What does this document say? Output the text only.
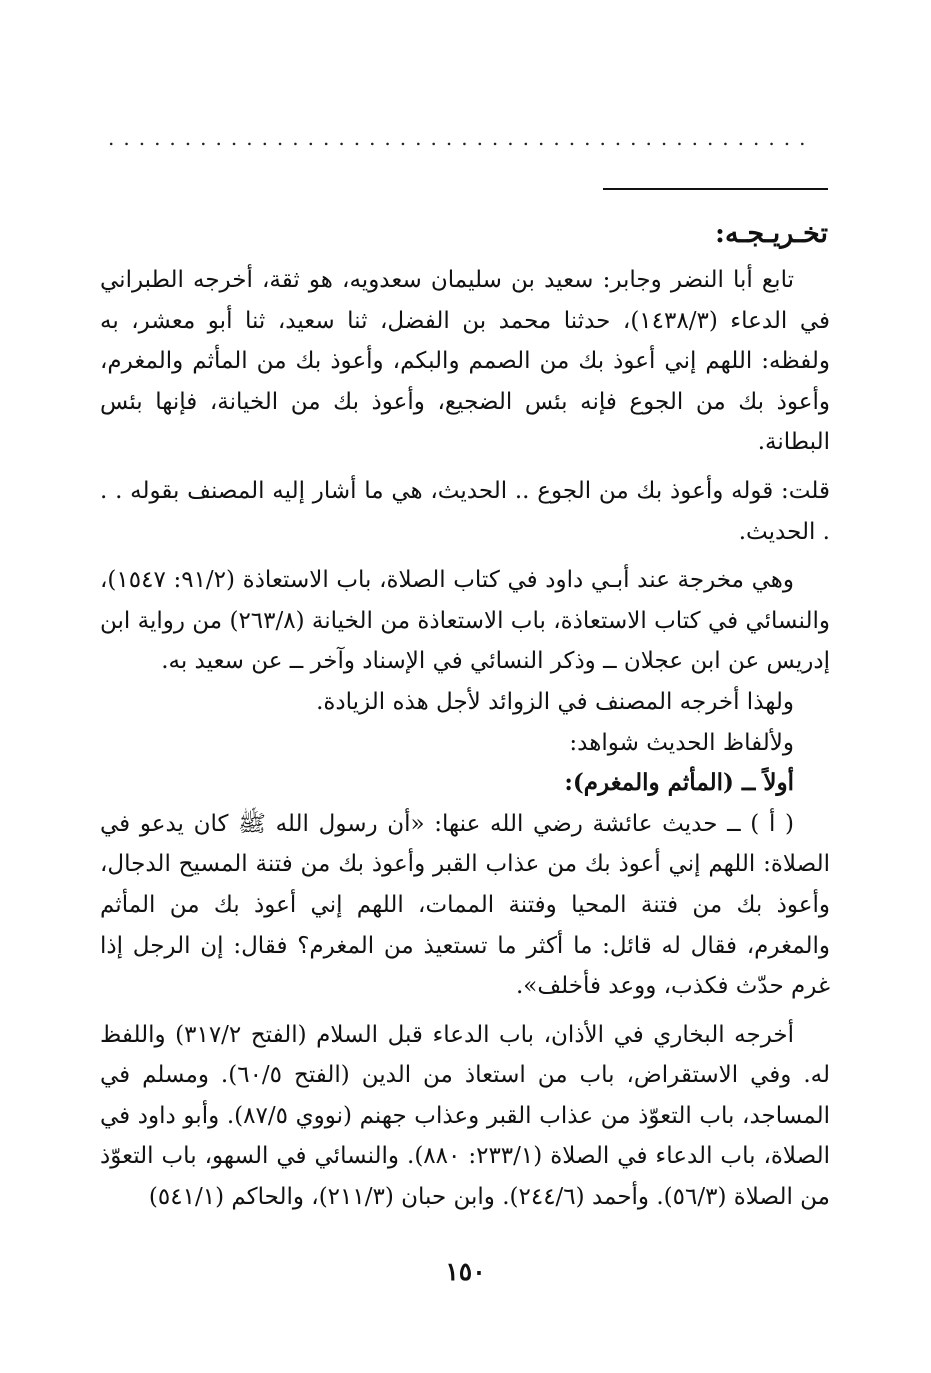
..............................................
تخـريـجـه:

تابع أبا النضر وجابر: سعيد بن سليمان سعدويه، هو ثقة، أخرجه الطبراني في الدعاء (١٤٣٨/٣)، حدثنا محمد بن الفضل، ثنا سعيد، ثنا أبو معشر، به ولفظه: اللهم إني أعوذ بك من الصمم والبكم، وأعوذ بك من المأثم والمغرم، وأعوذ بك من الجوع فإنه بئس الضجيع، وأعوذ بك من الخيانة، فإنها بئس البطانة.

قلت: قوله وأعوذ بك من الجوع .. الحديث، هي ما أشار إليه المصنف بقوله . . . الحديث.

وهي مخرجة عند أبـي داود في كتاب الصلاة، باب الاستعاذة (٩١/٢: ١٥٤٧)، والنسائي في كتاب الاستعاذة، باب الاستعاذة من الخيانة (٢٦٣/٨) من رواية ابن إدريس عن ابن عجلان ــ وذكر النسائي في الإسناد وآخر ــ عن سعيد به.

ولهذا أخرجه المصنف في الزوائد لأجل هذه الزيادة.

ولألفاظ الحديث شواهد:

أولاً ــ (المأثم والمغرم):

( أ ) ــ حديث عائشة رضي الله عنها: «أن رسول الله ﷺ كان يدعو في الصلاة: اللهم إني أعوذ بك من عذاب القبر وأعوذ بك من فتنة المسيح الدجال، وأعوذ بك من فتنة المحيا وفتنة الممات، اللهم إني أعوذ بك من المأثم والمغرم، فقال له قائل: ما أكثر ما تستعيذ من المغرم؟ فقال: إن الرجل إذا غرم حدّث فكذب، ووعد فأخلف».

أخرجه البخاري في الأذان، باب الدعاء قبل السلام (الفتح ٣١٧/٢) واللفظ له. وفي الاستقراض، باب من استعاذ من الدين (الفتح ٦٠/٥). ومسلم في المساجد، باب التعوّذ من عذاب القبر وعذاب جهنم (نووي ٨٧/٥). وأبو داود في الصلاة، باب الدعاء في الصلاة (٢٣٣/١: ٨٨٠). والنسائي في السهو، باب التعوّذ من الصلاة (٥٦/٣). وأحمد (٢٤٤/٦). وابن حبان (٢١١/٣)، والحاكم (٥٤١/١)

١٥٠
